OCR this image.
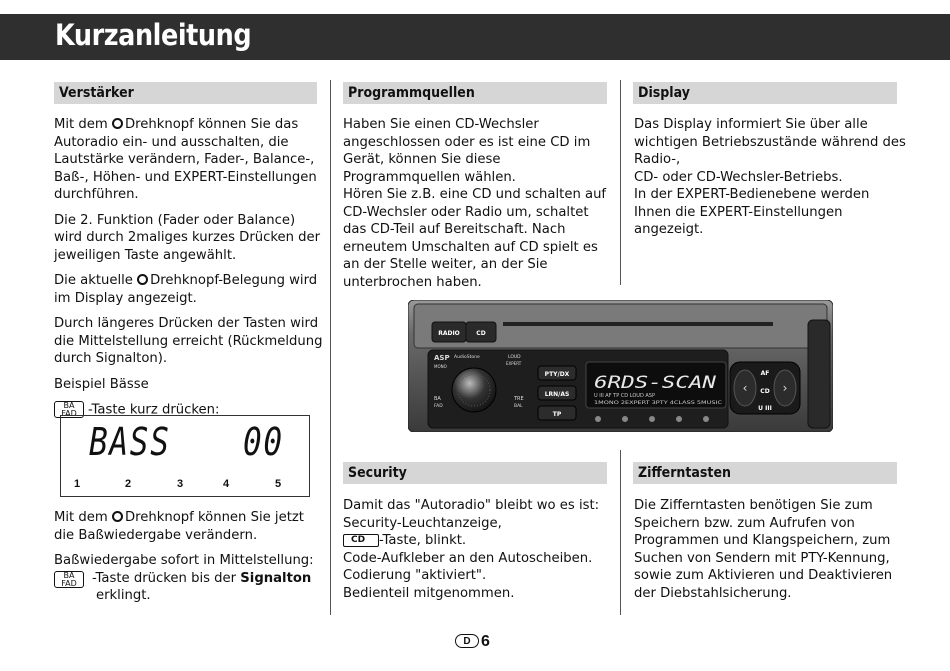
Kurzanleitung
Verstärker

Mit dem Drehknopf können Sie das Autoradio ein- und ausschalten, die Lautstärke verändern, Fader-, Balance-, Baß-, Höhen- und EXPERT-Einstellungen durchführen.

Die 2. Funktion (Fader oder Balance) wird durch 2maliges kurzes Drücken der jeweiligen Taste angewählt.

Die aktuelle Drehknopf-Belegung wird im Display angezeigt.

Durch längeres Drücken der Tasten wird die Mittelstellung erreicht (Rückmeldung durch Signalton).

Beispiel Bässe

BA
FAD -Taste kurz drücken:

BASS 00
1	2	3	4	5

Mit dem Drehknopf können Sie jetzt die Baßwiedergabe verändern.

Baßwiedergabe sofort in Mittelstellung:

BA
FAD	-Taste drücken bis der Signalton
erklingt.
Programmquellen
Haben Sie einen CD-Wechsler angeschlossen oder es ist eine CD im Gerät, können Sie diese Programmquellen wählen.
Hören Sie z.B. eine CD und schalten auf CD-Wechsler oder Radio um, schaltet das CD-Teil auf Bereitschaft. Nach erneutem Umschalten auf CD spielt es an der Stelle weiter, an der Sie unterbrochen haben.
Display
Das Display informiert Sie über alle wichtigen Betriebszustände während des Radio-,
CD- oder CD-Wechsler-Betriebs.
In der EXPERT-Bedienebene werden Ihnen die EXPERT-Einstellungen angezeigt.
RADIO	CD
ASP
MONO
AudioStone	LOUD
EXPERT
BA
FAD
TRE
BAL
PTY/DX
LRN/AS
TP
6RDS-SCAN
U III AF TP CD LOUD ASP
1MONO 2EXPERT 3PTY 4CLASS 5MUSIC
‹	›
AF
CD
U III
Security
Damit das "Autoradio" bleibt wo es ist:
Security-Leuchtanzeige,
CD -Taste, blinkt.
Code-Aufkleber an den Autoscheiben.
Codierung "aktiviert".
Bedienteil mitgenommen.
Zifferntasten
Die Zifferntasten benötigen Sie zum Speichern bzw. zum Aufrufen von Programmen und Klangspeichern, zum Suchen von Sendern mit PTY-Kennung, sowie zum Aktivieren und Deaktivieren der Diebstahlsicherung.
D 6
